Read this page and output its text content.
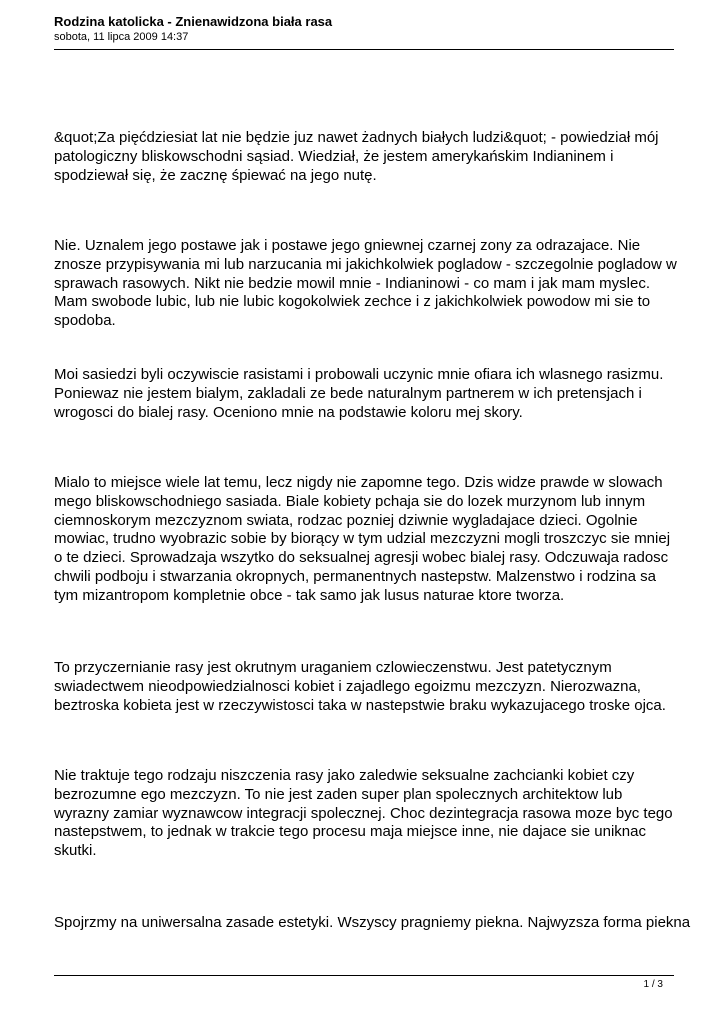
Rodzina katolicka - Znienawidzona biała rasa
sobota, 11 lipca 2009 14:37

&quot;Za pięćdziesiat lat nie będzie juz nawet żadnych białych ludzi&quot; - powiedział mój patologiczny bliskowschodni sąsiad. Wiedział, że jestem amerykańskim Indianinem i spodziewał się, że zacznę śpiewać na jego nutę.

Nie. Uznalem jego postawe jak i postawe jego gniewnej czarnej zony za odrazajace. Nie znosze przypisywania mi lub narzucania mi jakichkolwiek pogladow - szczegolnie pogladow w sprawach rasowych. Nikt nie bedzie mowil mnie - Indianinowi - co mam i jak mam myslec. Mam swobode lubic, lub nie lubic kogokolwiek zechce i z jakichkolwiek powodow mi sie to spodoba.

Moi sasiedzi byli oczywiscie rasistami i probowali uczynic mnie ofiara ich wlasnego rasizmu. Poniewaz nie jestem bialym, zakladali ze bede naturalnym partnerem w ich pretensjach i wrogosci do bialej rasy. Oceniono mnie na podstawie koloru mej skory.

Mialo to miejsce wiele lat temu, lecz nigdy nie zapomne tego. Dzis widze prawde w slowach mego bliskowschodniego sasiada. Biale kobiety pchaja sie do lozek murzynom lub innym ciemnoskorym mezczyznom swiata, rodzac pozniej dziwnie wygladajace dzieci. Ogolnie mowiac, trudno wyobrazic sobie by biorący w tym udzial mezczyzni mogli troszczyc sie mniej o te dzieci. Sprowadzaja wszytko do seksualnej agresji wobec bialej rasy. Odczuwaja radosc chwili podboju i stwarzania okropnych, permanentnych nastepstw. Malzenstwo i rodzina sa tym mizantropom kompletnie obce - tak samo jak lusus naturae ktore tworza.

To przyczernianie rasy jest okrutnym uraganiem czlowieczenstwu. Jest patetycznym swiadectwem nieodpowiedzialnosci kobiet i zajadlego egoizmu mezczyzn. Nierozwazna, beztroska kobieta jest w rzeczywistosci taka w nastepstwie braku wykazujacego troske ojca.

Nie traktuje tego rodzaju niszczenia rasy jako zaledwie seksualne zachcianki kobiet czy bezrozumne ego mezczyzn. To nie jest zaden super plan spolecznych architektow lub wyrazny zamiar wyznawcow integracji spolecznej. Choc dezintegracja rasowa moze byc tego nastepstwem, to jednak w trakcie tego procesu maja miejsce inne, nie dajace sie uniknac skutki.

Spojrzmy na uniwersalna zasade estetyki. Wszyscy pragniemy piekna. Najwyzsza forma piekna

1 / 3
